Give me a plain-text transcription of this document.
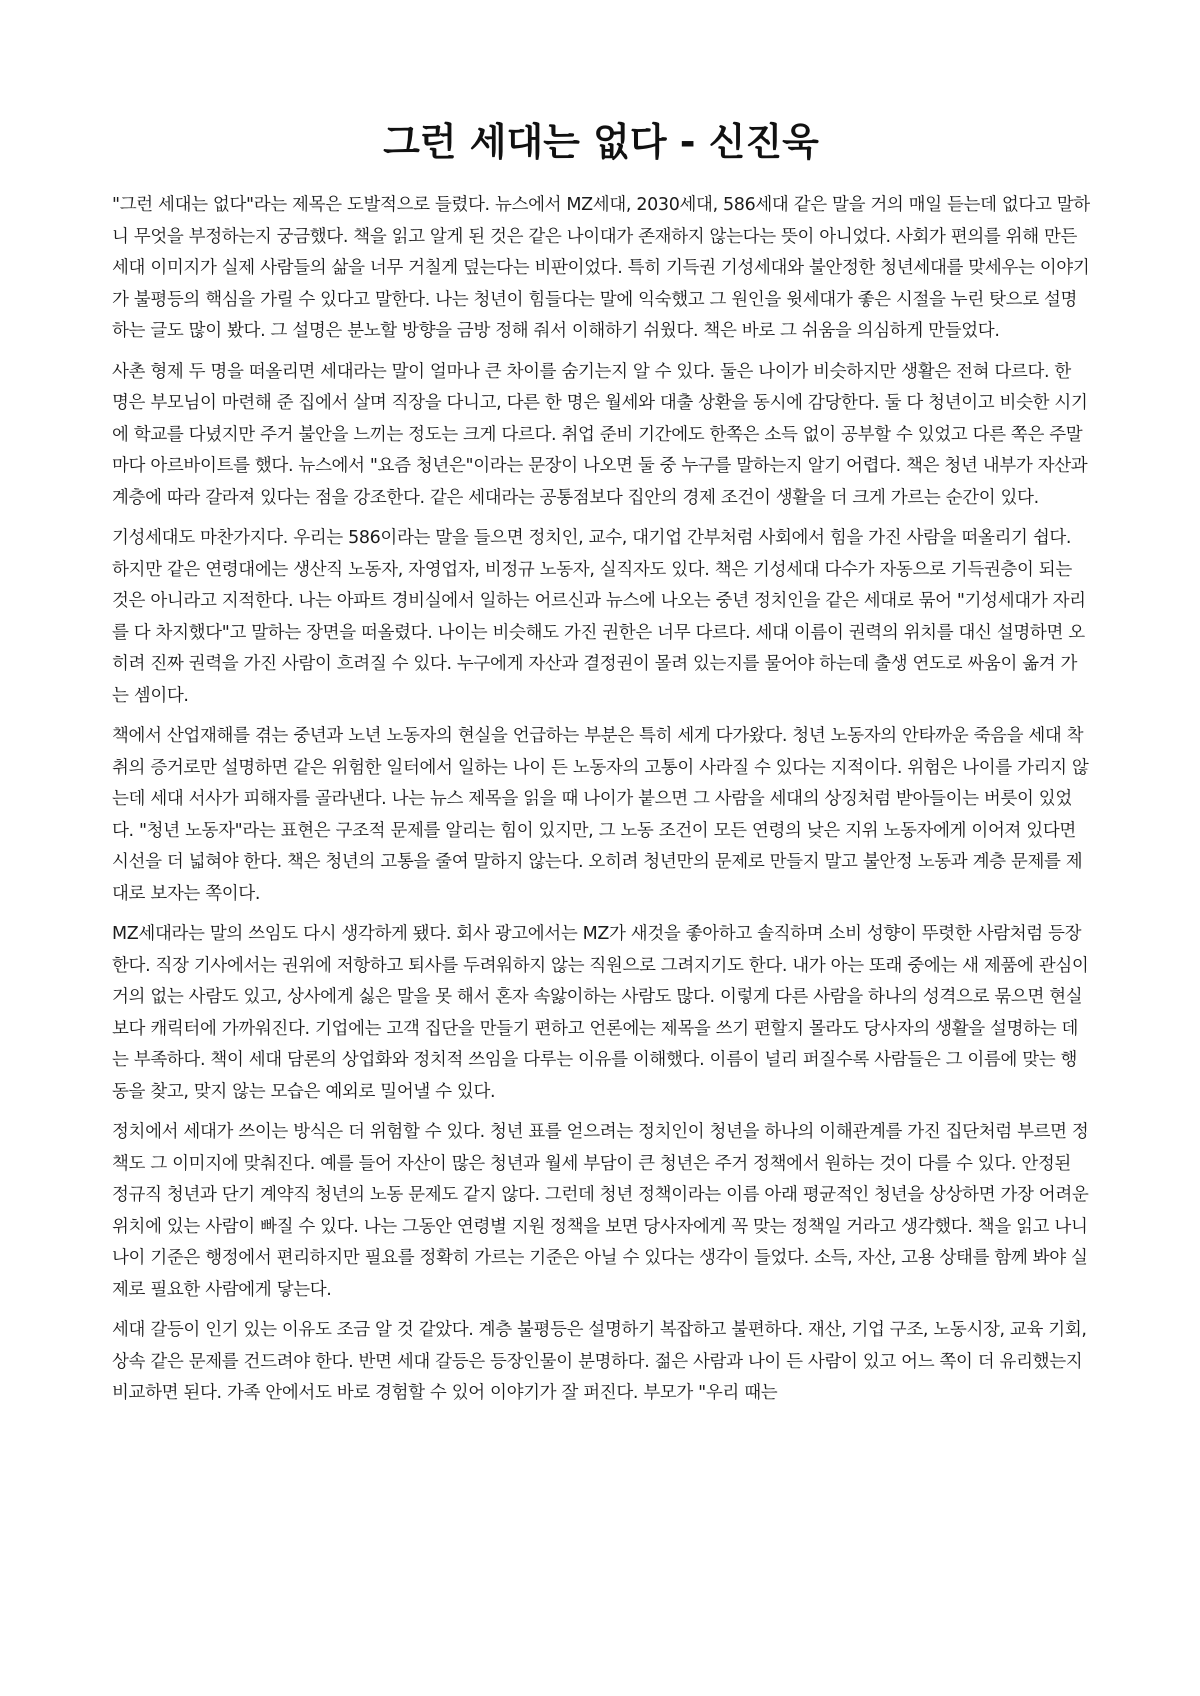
그런 세대는 없다 - 신진욱

"그런 세대는 없다"라는 제목은 도발적으로 들렸다. 뉴스에서 MZ세대, 2030세대, 586세대 같은 말을 거의 매일 듣는데 없다고 말하니 무엇을 부정하는지 궁금했다. 책을 읽고 알게 된 것은 같은 나이대가 존재하지 않는다는 뜻이 아니었다. 사회가 편의를 위해 만든 세대 이미지가 실제 사람들의 삶을 너무 거칠게 덮는다는 비판이었다. 특히 기득권 기성세대와 불안정한 청년세대를 맞세우는 이야기가 불평등의 핵심을 가릴 수 있다고 말한다. 나는 청년이 힘들다는 말에 익숙했고 그 원인을 윗세대가 좋은 시절을 누린 탓으로 설명하는 글도 많이 봤다. 그 설명은 분노할 방향을 금방 정해 줘서 이해하기 쉬웠다. 책은 바로 그 쉬움을 의심하게 만들었다.

사촌 형제 두 명을 떠올리면 세대라는 말이 얼마나 큰 차이를 숨기는지 알 수 있다. 둘은 나이가 비슷하지만 생활은 전혀 다르다. 한 명은 부모님이 마련해 준 집에서 살며 직장을 다니고, 다른 한 명은 월세와 대출 상환을 동시에 감당한다. 둘 다 청년이고 비슷한 시기에 학교를 다녔지만 주거 불안을 느끼는 정도는 크게 다르다. 취업 준비 기간에도 한쪽은 소득 없이 공부할 수 있었고 다른 쪽은 주말마다 아르바이트를 했다. 뉴스에서 "요즘 청년은"이라는 문장이 나오면 둘 중 누구를 말하는지 알기 어렵다. 책은 청년 내부가 자산과 계층에 따라 갈라져 있다는 점을 강조한다. 같은 세대라는 공통점보다 집안의 경제 조건이 생활을 더 크게 가르는 순간이 있다.

기성세대도 마찬가지다. 우리는 586이라는 말을 들으면 정치인, 교수, 대기업 간부처럼 사회에서 힘을 가진 사람을 떠올리기 쉽다. 하지만 같은 연령대에는 생산직 노동자, 자영업자, 비정규 노동자, 실직자도 있다. 책은 기성세대 다수가 자동으로 기득권층이 되는 것은 아니라고 지적한다. 나는 아파트 경비실에서 일하는 어르신과 뉴스에 나오는 중년 정치인을 같은 세대로 묶어 "기성세대가 자리를 다 차지했다"고 말하는 장면을 떠올렸다. 나이는 비슷해도 가진 권한은 너무 다르다. 세대 이름이 권력의 위치를 대신 설명하면 오히려 진짜 권력을 가진 사람이 흐려질 수 있다. 누구에게 자산과 결정권이 몰려 있는지를 물어야 하는데 출생 연도로 싸움이 옮겨 가는 셈이다.

책에서 산업재해를 겪는 중년과 노년 노동자의 현실을 언급하는 부분은 특히 세게 다가왔다. 청년 노동자의 안타까운 죽음을 세대 착취의 증거로만 설명하면 같은 위험한 일터에서 일하는 나이 든 노동자의 고통이 사라질 수 있다는 지적이다. 위험은 나이를 가리지 않는데 세대 서사가 피해자를 골라낸다. 나는 뉴스 제목을 읽을 때 나이가 붙으면 그 사람을 세대의 상징처럼 받아들이는 버릇이 있었다. "청년 노동자"라는 표현은 구조적 문제를 알리는 힘이 있지만, 그 노동 조건이 모든 연령의 낮은 지위 노동자에게 이어져 있다면 시선을 더 넓혀야 한다. 책은 청년의 고통을 줄여 말하지 않는다. 오히려 청년만의 문제로 만들지 말고 불안정 노동과 계층 문제를 제대로 보자는 쪽이다.

MZ세대라는 말의 쓰임도 다시 생각하게 됐다. 회사 광고에서는 MZ가 새것을 좋아하고 솔직하며 소비 성향이 뚜렷한 사람처럼 등장한다. 직장 기사에서는 권위에 저항하고 퇴사를 두려워하지 않는 직원으로 그려지기도 한다. 내가 아는 또래 중에는 새 제품에 관심이 거의 없는 사람도 있고, 상사에게 싫은 말을 못 해서 혼자 속앓이하는 사람도 많다. 이렇게 다른 사람을 하나의 성격으로 묶으면 현실보다 캐릭터에 가까워진다. 기업에는 고객 집단을 만들기 편하고 언론에는 제목을 쓰기 편할지 몰라도 당사자의 생활을 설명하는 데는 부족하다. 책이 세대 담론의 상업화와 정치적 쓰임을 다루는 이유를 이해했다. 이름이 널리 퍼질수록 사람들은 그 이름에 맞는 행동을 찾고, 맞지 않는 모습은 예외로 밀어낼 수 있다.

정치에서 세대가 쓰이는 방식은 더 위험할 수 있다. 청년 표를 얻으려는 정치인이 청년을 하나의 이해관계를 가진 집단처럼 부르면 정책도 그 이미지에 맞춰진다. 예를 들어 자산이 많은 청년과 월세 부담이 큰 청년은 주거 정책에서 원하는 것이 다를 수 있다. 안정된 정규직 청년과 단기 계약직 청년의 노동 문제도 같지 않다. 그런데 청년 정책이라는 이름 아래 평균적인 청년을 상상하면 가장 어려운 위치에 있는 사람이 빠질 수 있다. 나는 그동안 연령별 지원 정책을 보면 당사자에게 꼭 맞는 정책일 거라고 생각했다. 책을 읽고 나니 나이 기준은 행정에서 편리하지만 필요를 정확히 가르는 기준은 아닐 수 있다는 생각이 들었다. 소득, 자산, 고용 상태를 함께 봐야 실제로 필요한 사람에게 닿는다.

세대 갈등이 인기 있는 이유도 조금 알 것 같았다. 계층 불평등은 설명하기 복잡하고 불편하다. 재산, 기업 구조, 노동시장, 교육 기회, 상속 같은 문제를 건드려야 한다. 반면 세대 갈등은 등장인물이 분명하다. 젊은 사람과 나이 든 사람이 있고 어느 쪽이 더 유리했는지 비교하면 된다. 가족 안에서도 바로 경험할 수 있어 이야기가 잘 퍼진다. 부모가 "우리 때는
